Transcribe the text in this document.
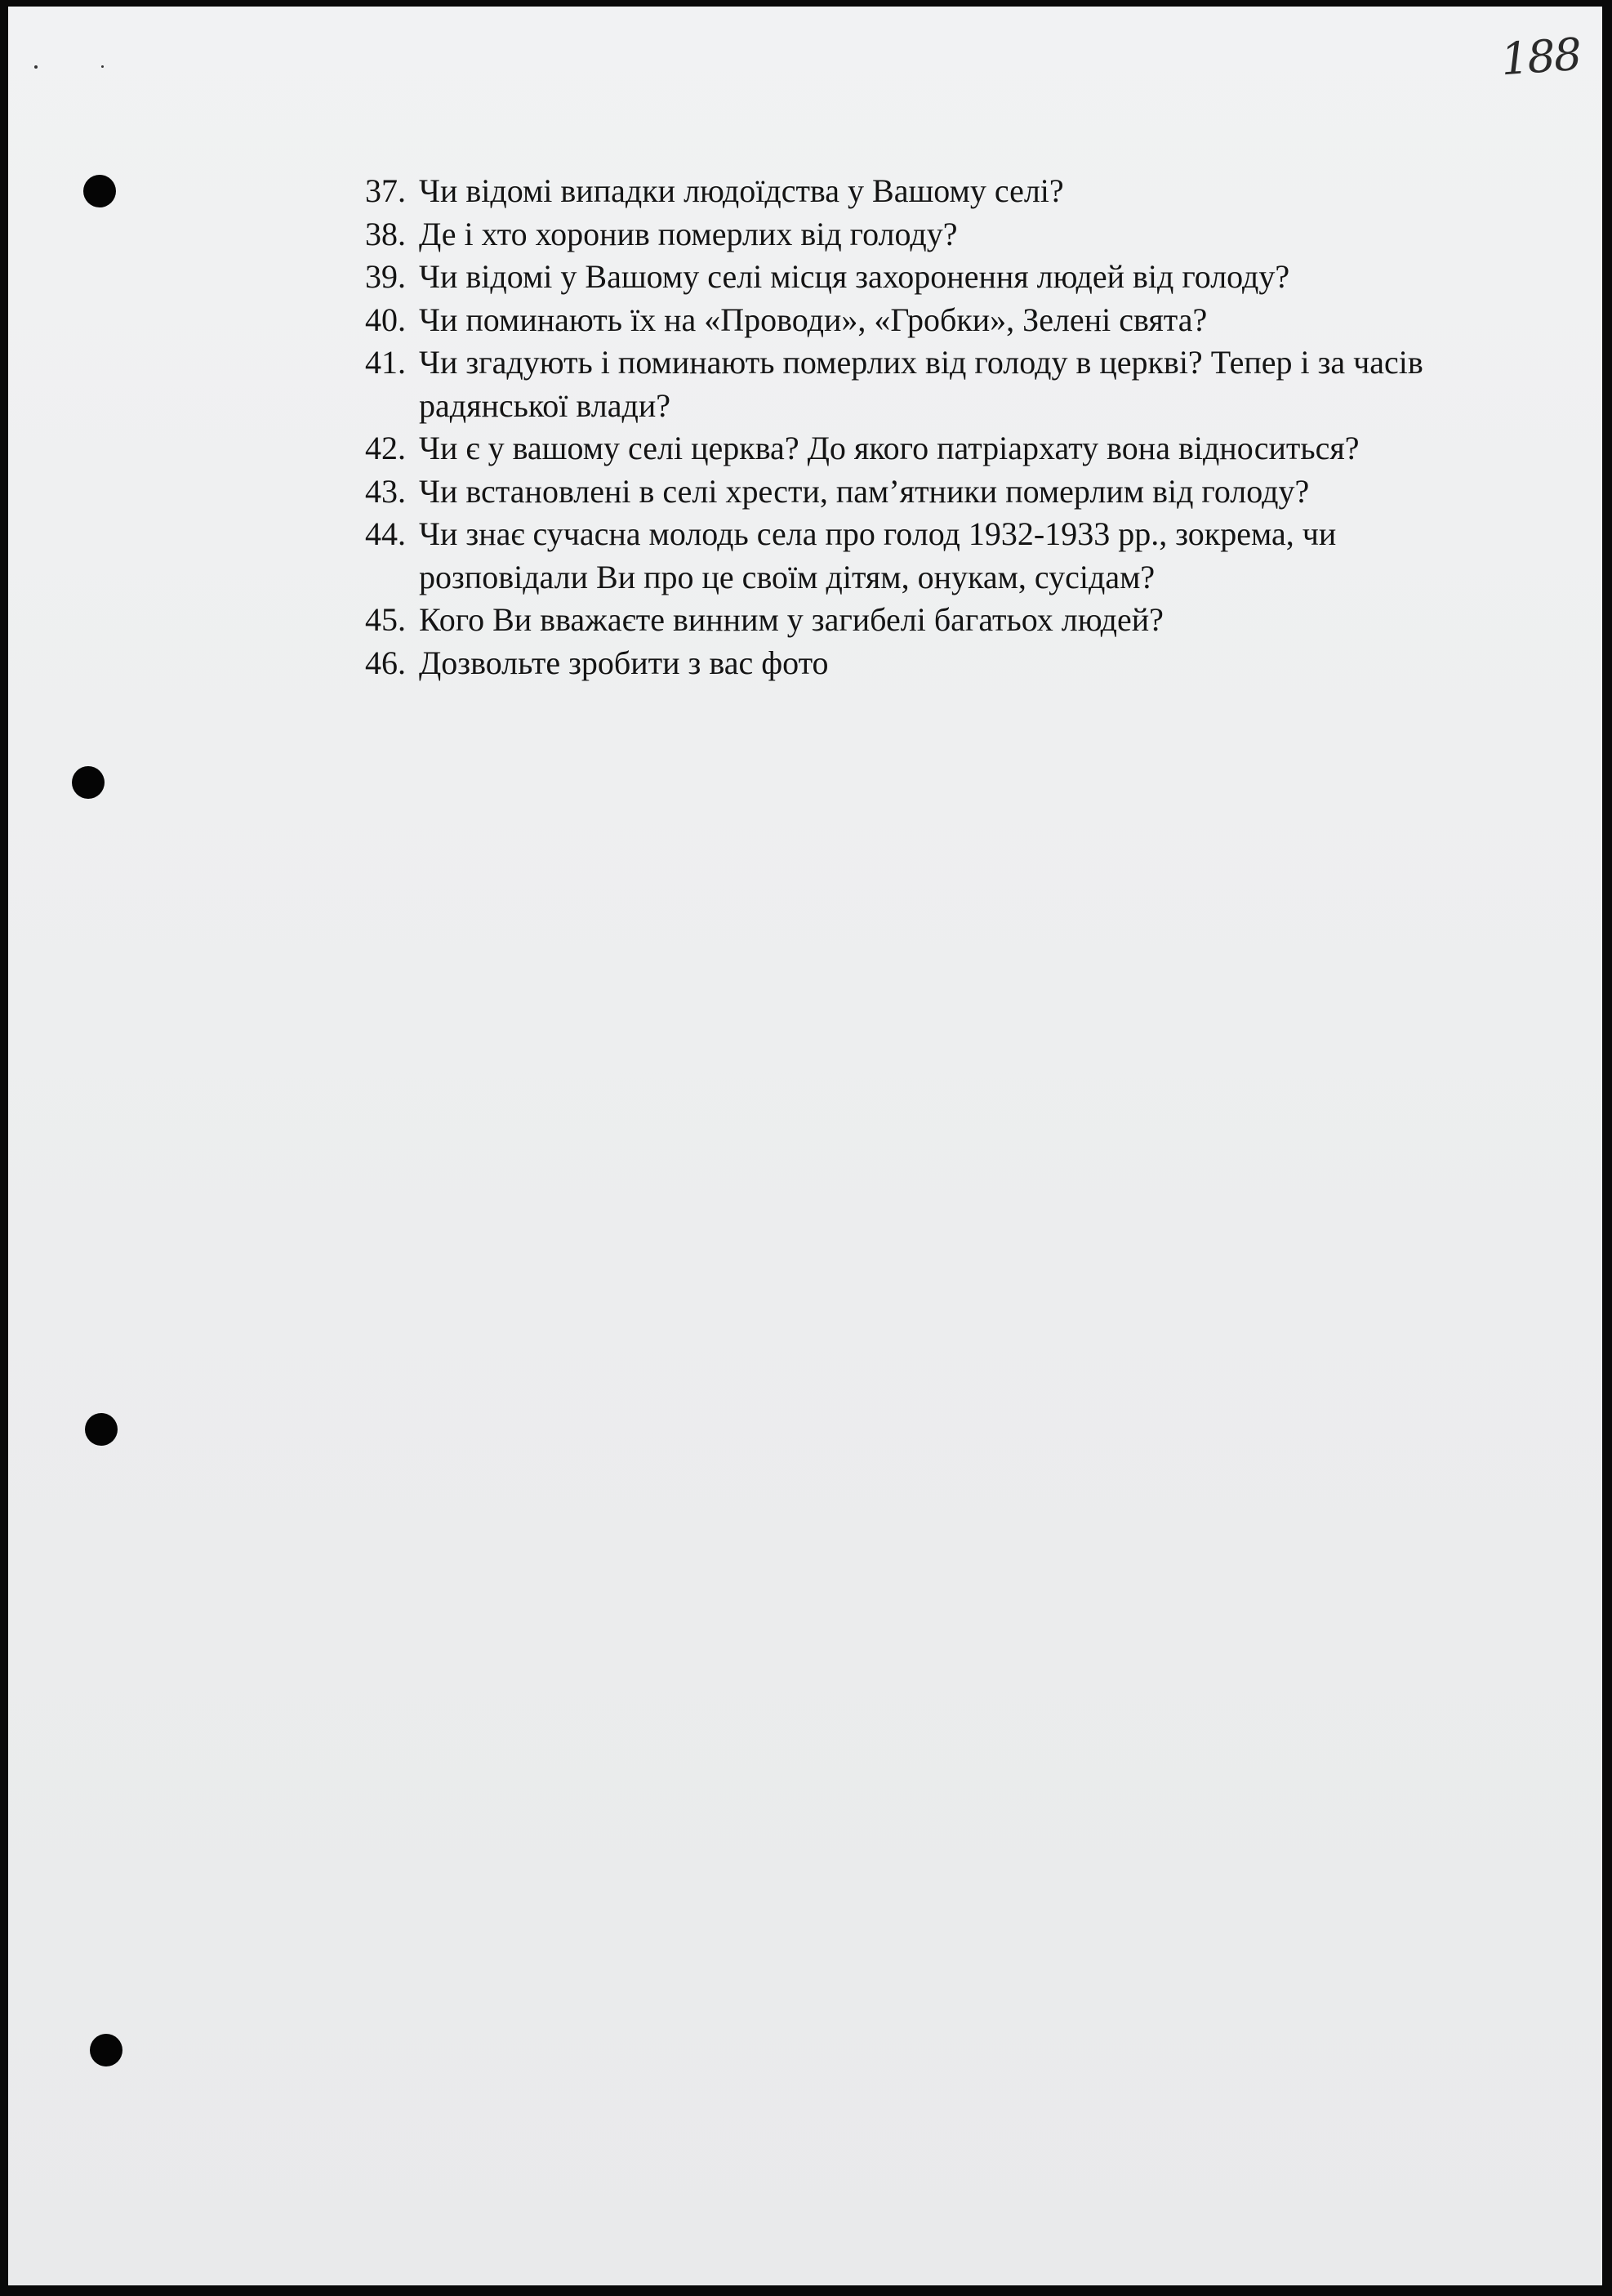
188
37. Чи відомі випадки людоїдства у Вашому селі?
38. Де і хто хоронив померлих від голоду?
39. Чи відомі у Вашому селі місця захоронення людей від голоду?
40. Чи поминають їх на «Проводи», «Гробки», Зелені свята?
41. Чи згадують і поминають померлих від голоду в церкві? Тепер і за часів радянської влади?
42. Чи є у вашому селі церква? До якого патріархату вона відноситься?
43. Чи встановлені в селі хрести, пам’ятники померлим від голоду?
44. Чи знає сучасна молодь села про голод 1932-1933 рр., зокрема, чи розповідали Ви про це своїм дітям, онукам, сусідам?
45. Кого Ви вважаєте винним у загибелі багатьох людей?
46. Дозвольте зробити з вас фото
